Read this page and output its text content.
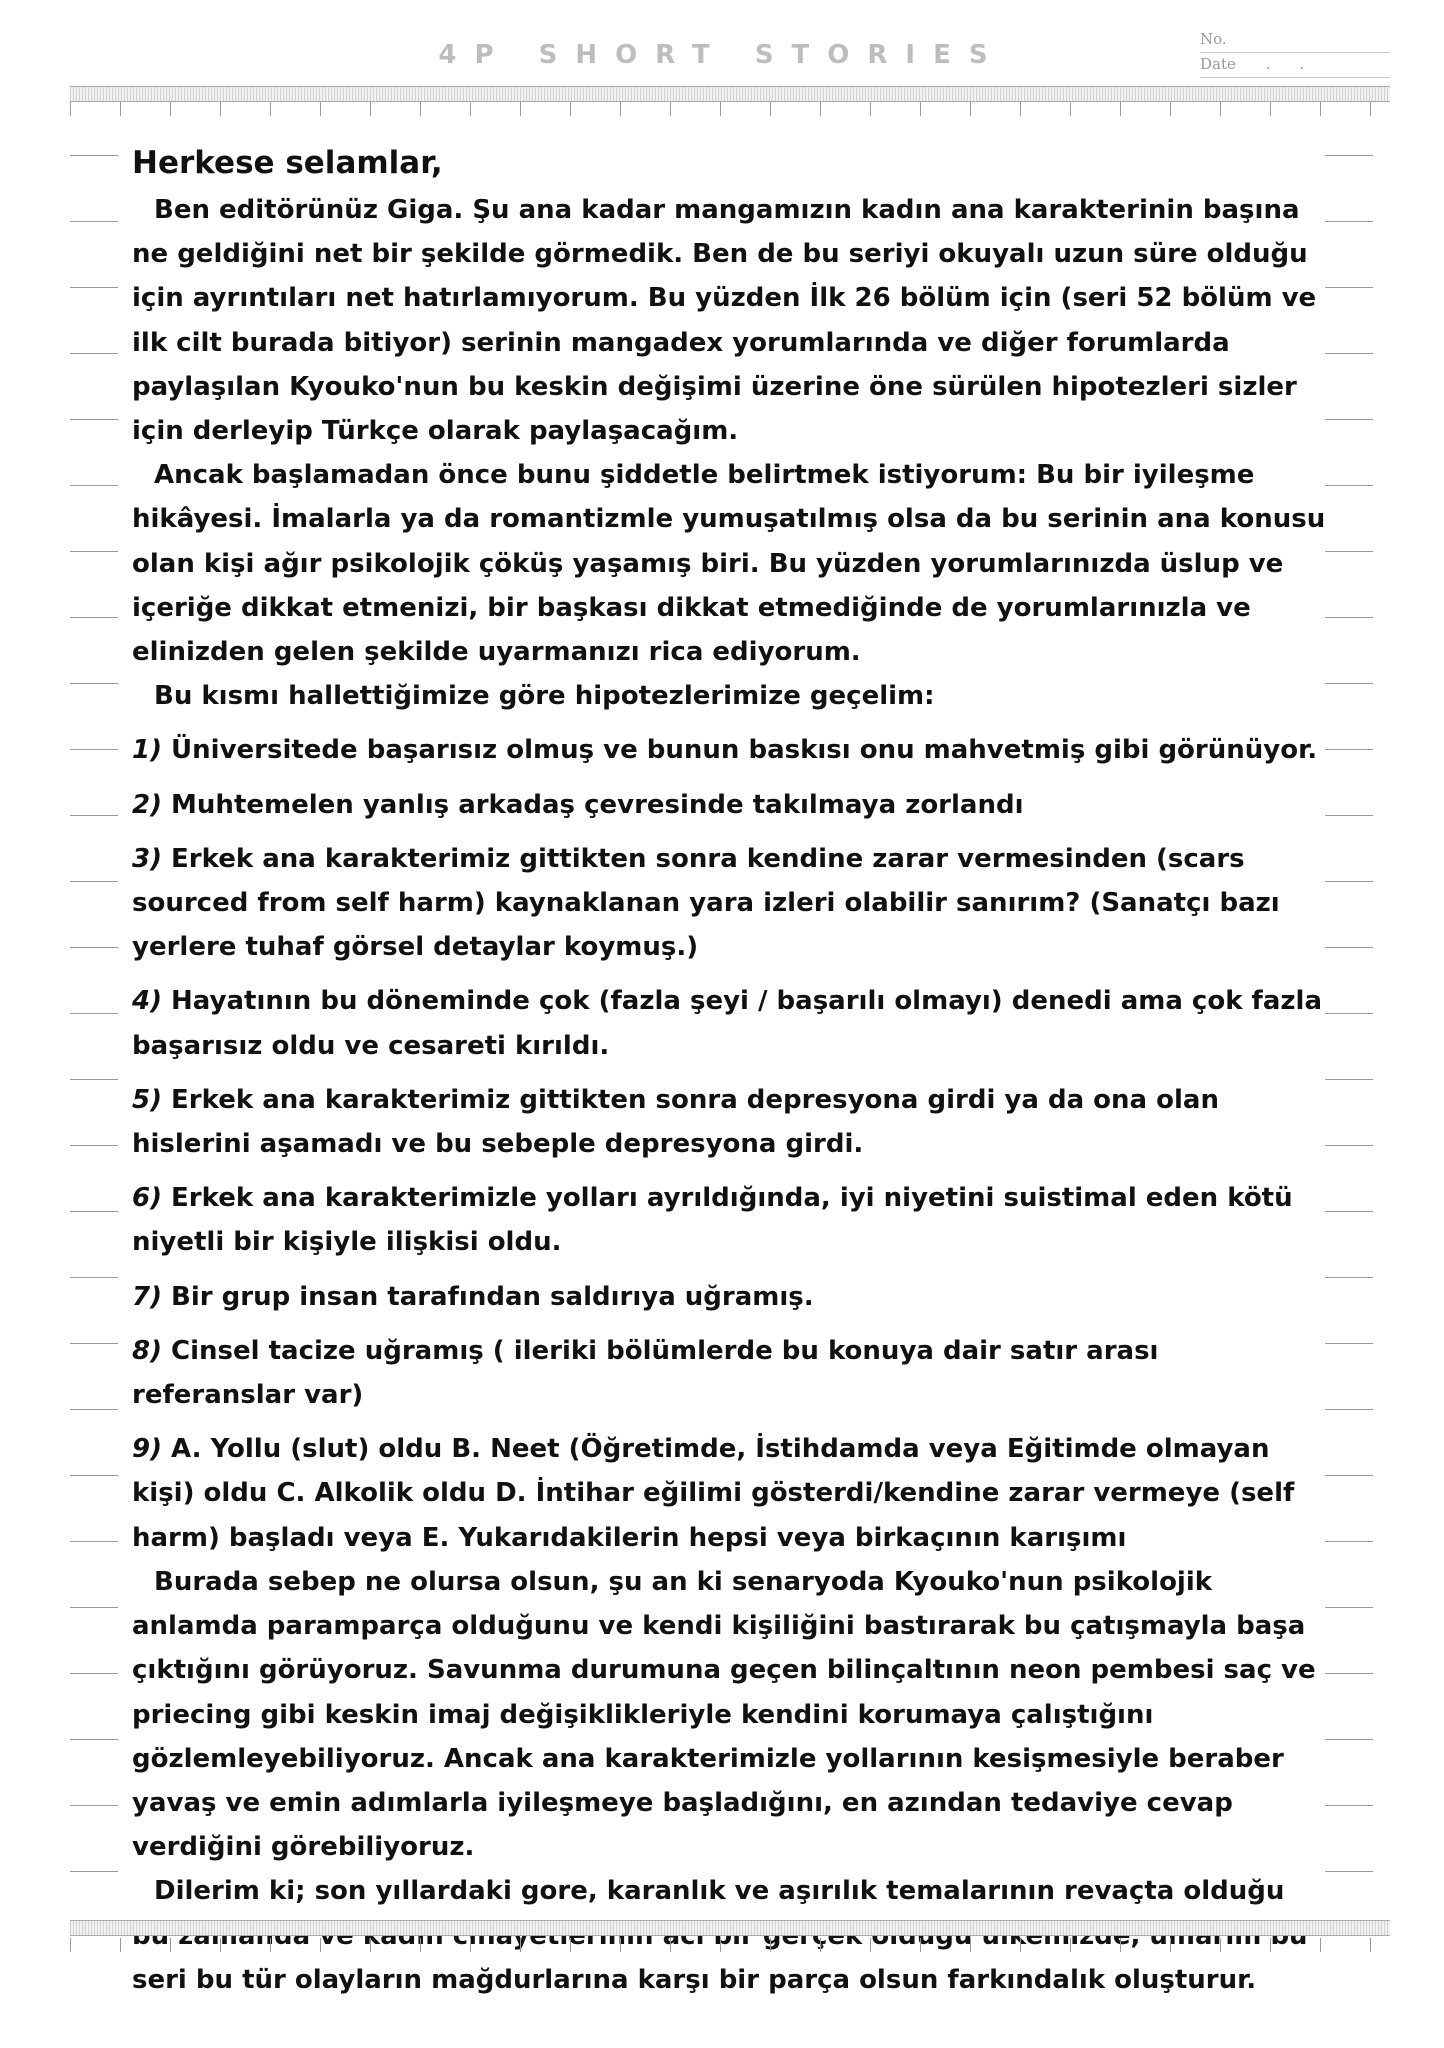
4P SHORT STORIES
No.
Date . .

Herkese selamlar,

Ben editörünüz Giga. Şu ana kadar mangamızın kadın ana karakterinin başına ne geldiğini net bir şekilde görmedik. Ben de bu seriyi okuyalı uzun süre olduğu için ayrıntıları net hatırlamıyorum. Bu yüzden İlk 26 bölüm için (seri 52 bölüm ve ilk cilt burada bitiyor) serinin mangadex yorumlarında ve diğer forumlarda paylaşılan Kyouko'nun bu keskin değişimi üzerine öne sürülen hipotezleri sizler için derleyip Türkçe olarak paylaşacağım.

Ancak başlamadan önce bunu şiddetle belirtmek istiyorum: Bu bir iyileşme hikâyesi. İmalarla ya da romantizmle yumuşatılmış olsa da bu serinin ana konusu olan kişi ağır psikolojik çöküş yaşamış biri. Bu yüzden yorumlarınızda üslup ve içeriğe dikkat etmenizi, bir başkası dikkat etmediğinde de yorumlarınızla ve elinizden gelen şekilde uyarmanızı rica ediyorum.

Bu kısmı hallettiğimize göre hipotezlerimize geçelim:

1) Üniversitede başarısız olmuş ve bunun baskısı onu mahvetmiş gibi görünüyor.

2) Muhtemelen yanlış arkadaş çevresinde takılmaya zorlandı

3) Erkek ana karakterimiz gittikten sonra kendine zarar vermesinden (scars sourced from self harm) kaynaklanan yara izleri olabilir sanırım? (Sanatçı bazı yerlere tuhaf görsel detaylar koymuş.)

4) Hayatının bu döneminde çok (fazla şeyi / başarılı olmayı) denedi ama çok fazla başarısız oldu ve cesareti kırıldı.

5) Erkek ana karakterimiz gittikten sonra depresyona girdi ya da ona olan hislerini aşamadı ve bu sebeple depresyona girdi.

6) Erkek ana karakterimizle yolları ayrıldığında, iyi niyetini suistimal eden kötü niyetli bir kişiyle ilişkisi oldu.

7) Bir grup insan tarafından saldırıya uğramış.

8) Cinsel tacize uğramış ( ileriki bölümlerde bu konuya dair satır arası referanslar var)

9) A. Yollu (slut) oldu B. Neet (Öğretimde, İstihdamda veya Eğitimde olmayan kişi) oldu C. Alkolik oldu D. İntihar eğilimi gösterdi/kendine zarar vermeye (self harm) başladı veya E. Yukarıdakilerin hepsi veya birkaçının karışımı

Burada sebep ne olursa olsun, şu an ki senaryoda Kyouko'nun psikolojik anlamda paramparça olduğunu ve kendi kişiliğini bastırarak bu çatışmayla başa çıktığını görüyoruz. Savunma durumuna geçen bilinçaltının neon pembesi saç ve priecing gibi keskin imaj değişiklikleriyle kendini korumaya çalıştığını gözlemleyebiliyoruz. Ancak ana karakterimizle yollarının kesişmesiyle beraber yavaş ve emin adımlarla iyileşmeye başladığını, en azından tedaviye cevap verdiğini görebiliyoruz.

Dilerim ki; son yıllardaki gore, karanlık ve aşırılık temalarının revaçta olduğu seri bu tür olayların mağdurlarına karşı bir parça olsun farkındalık oluşturur.
